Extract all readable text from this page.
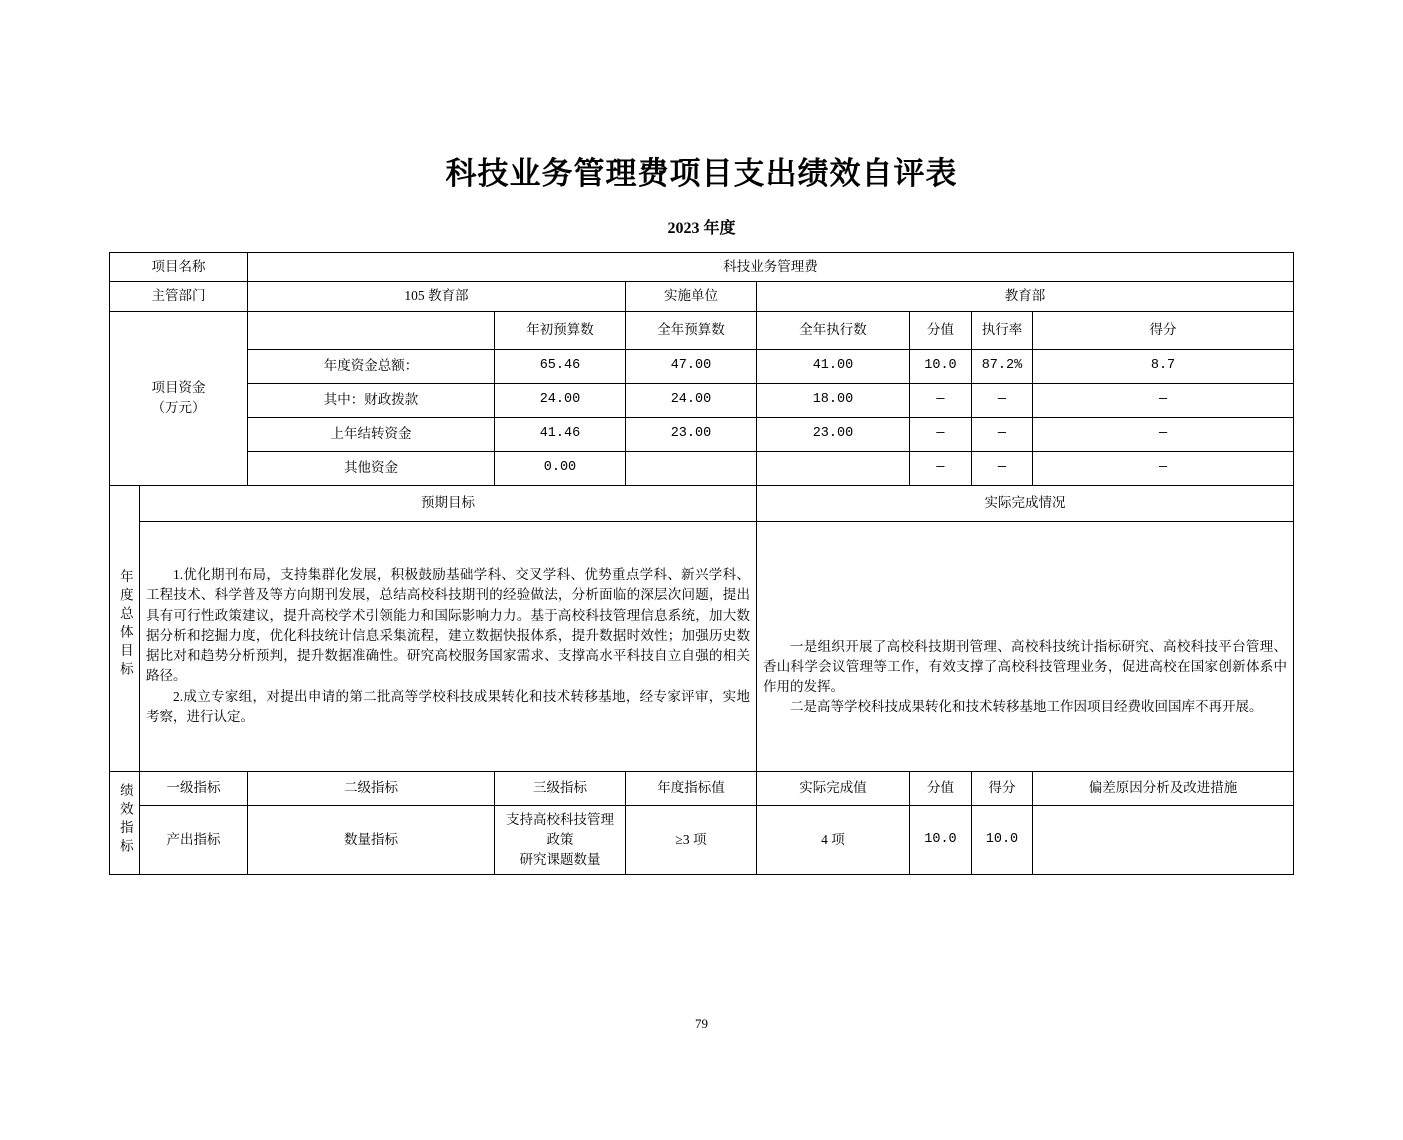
科技业务管理费项目支出绩效自评表
2023 年度
项目名称		科技业务管理费						
主管部门		105 教育部		实施单位	教育部			

项目资金
（万元）			年初预算数	全年预算数	全年执行数	分值	执行率	得分
		年度资金总额：	65.46	47.00	41.00	10.0	87.2%	8.7
		其中：财政拨款	24.00	24.00	18.00	—	—	—
		上年结转资金	41.46	23.00	23.00	—	—	—
		其他资金	0.00			—	—	—
年度总体目标	预期目标				实际完成情况			

1.优化期刊布局，支持集群化发展，积极鼓励基础学科、交叉学科、优势重点学科、新兴学科、工程技术、科学普及等方向期刊发展，总结高校科技期刊的经验做法，分析面临的深层次问题，提出具有可行性政策建议，提升高校学术引领能力和国际影响力力。基于高校科技管理信息系统，加大数据分析和挖掘力度，优化科技统计信息采集流程，建立数据快报体系，提升数据时效性；加强历史数据比对和趋势分析预判，提升数据准确性。研究高校服务国家需求、支撑高水平科技自立自强的相关路径。

2.成立专家组，对提出申请的第二批高等学校科技成果转化和技术转移基地，经专家评审，实地考察，进行认定。

一是组织开展了高校科技期刊管理、高校科技统计指标研究、高校科技平台管理、香山科学会议管理等工作，有效支撑了高校科技管理业务，促进高校在国家创新体系中作用的发挥。

二是高等学校科技成果转化和技术转移基地工作因项目经费收回国库不再开展。

绩效指标	一级指标	二级指标	三级指标	年度指标值	实际完成值	分值	得分	偏差原因分析及改进措施
	产出指标	数量指标	支持高校科技管理政策
研究课题数量	≥3 项	4 项	10.0	10.0	
79
